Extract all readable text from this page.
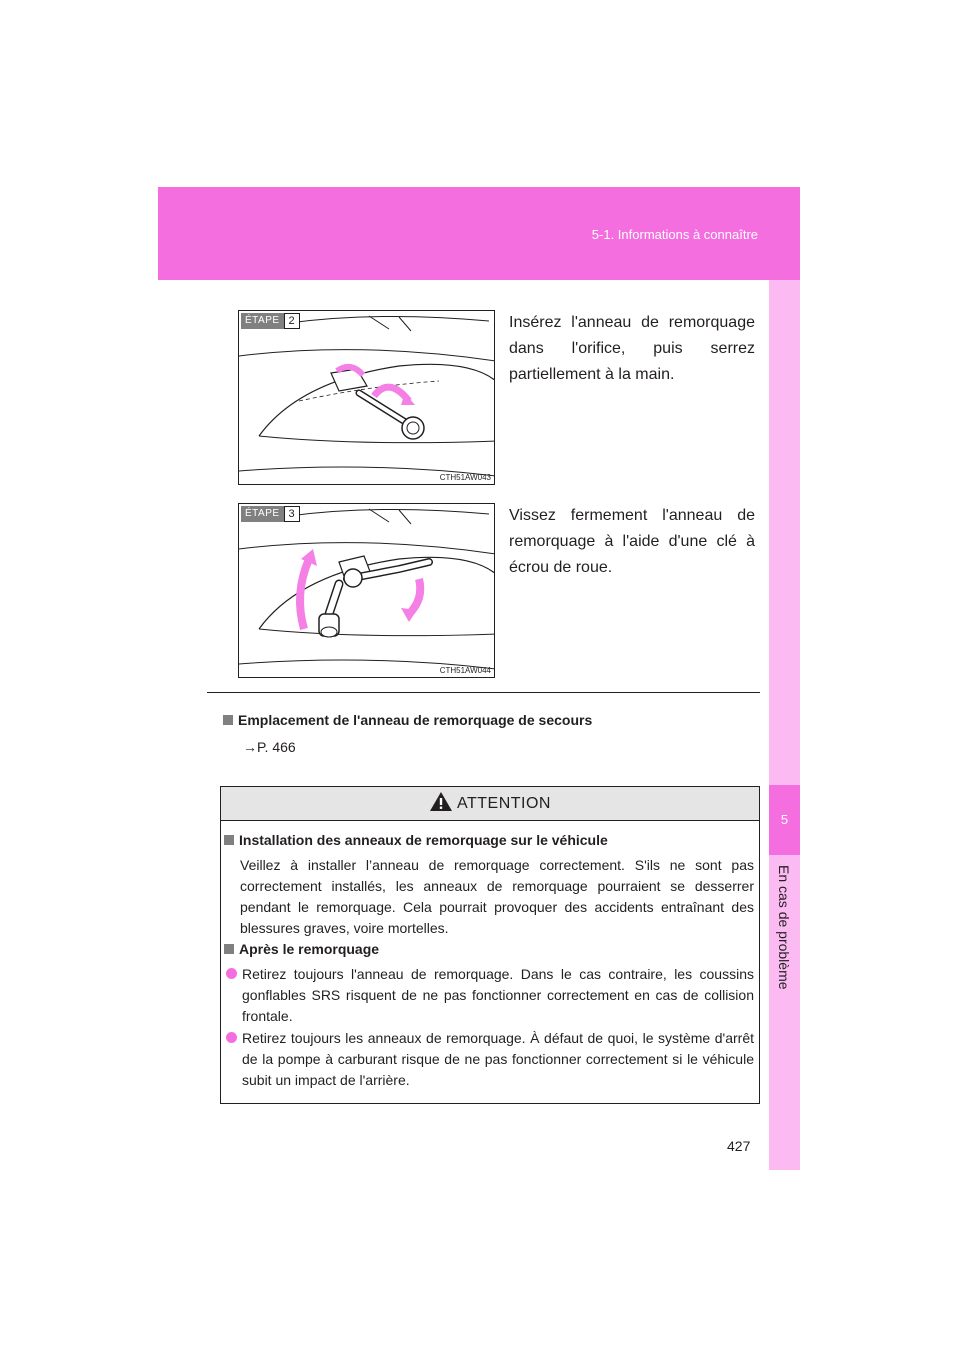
5-1. Informations à connaître
5
En cas de problème
ÉTAPE 2
CTH51AW043
Insérez l'anneau de remorquage dans l'orifice, puis serrez partiellement à la main.
ÉTAPE 3
CTH51AW044
Vissez fermement l'anneau de remorquage à l'aide d'une clé à écrou de roue.
Emplacement de l'anneau de remorquage de secours
→P. 466
ATTENTION
Installation des anneaux de remorquage sur le véhicule
Veillez à installer l’anneau de remorquage correctement. S'ils ne sont pas correctement installés, les anneaux de remorquage pourraient se desserrer pendant le remorquage. Cela pourrait provoquer des accidents entraînant des blessures graves, voire mortelles.
Après le remorquage
Retirez toujours l'anneau de remorquage. Dans le cas contraire, les coussins gonflables SRS risquent de ne pas fonctionner correctement en cas de collision frontale.
Retirez toujours les anneaux de remorquage. À défaut de quoi, le système d'arrêt de la pompe à carburant risque de ne pas fonctionner correctement si le véhicule subit un impact de l'arrière.
427
